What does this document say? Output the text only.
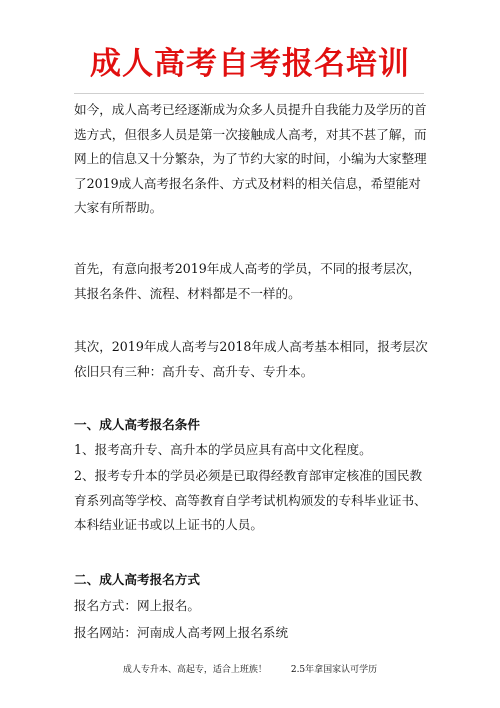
成人高考自考报名培训

如今，成人高考已经逐渐成为众多人员提升自我能力及学历的首选方式，但很多人员是第一次接触成人高考，对其不甚了解，而网上的信息又十分繁杂，为了节约大家的时间，小编为大家整理了2019成人高考报名条件、方式及材料的相关信息，希望能对大家有所帮助。

首先，有意向报考2019年成人高考的学员，不同的报考层次，其报名条件、流程、材料都是不一样的。

其次，2019年成人高考与2018年成人高考基本相同，报考层次依旧只有三种：高升专、高升专、专升本。

一、成人高考报名条件

1、报考高升专、高升本的学员应具有高中文化程度。

2、报考专升本的学员必须是已取得经教育部审定核准的国民教育系列高等学校、高等教育自学考试机构颁发的专科毕业证书、本科结业证书或以上证书的人员。

二、成人高考报名方式

报名方式：网上报名。

报名网站：河南成人高考网上报名系统

成人专升本、高起专，适合上班族！	2.5年拿国家认可学历
